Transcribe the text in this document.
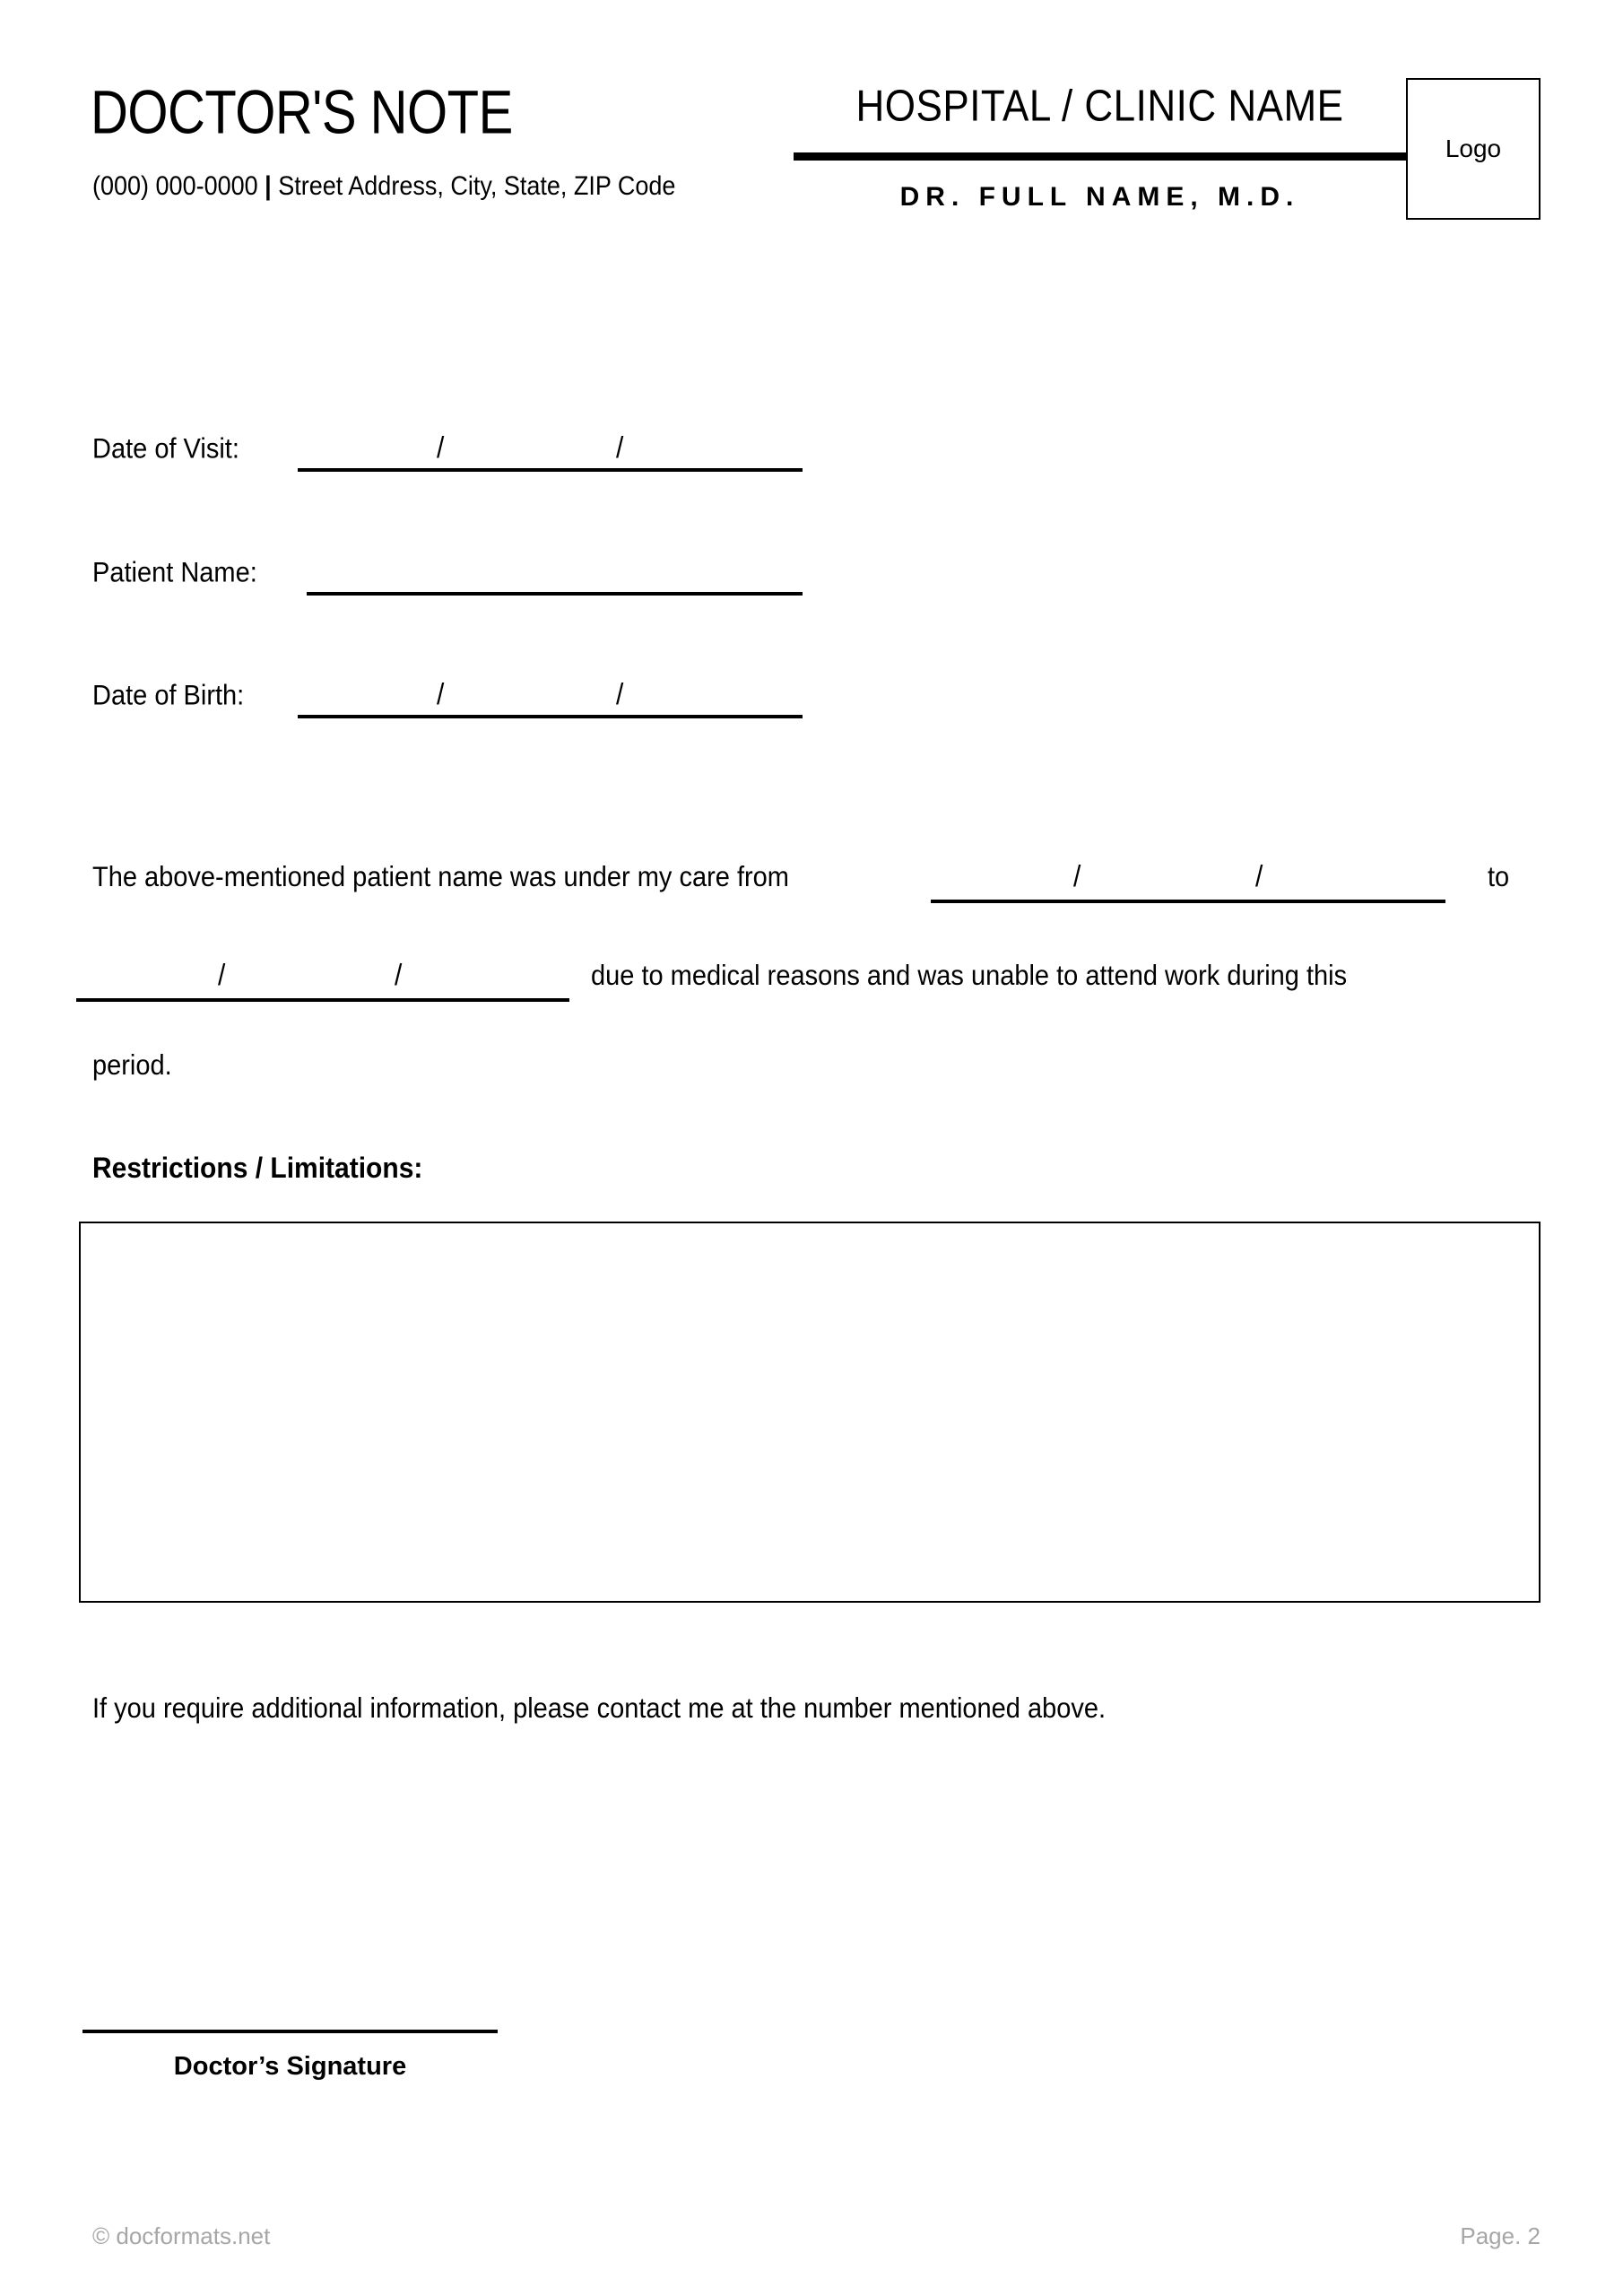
DOCTOR'S NOTE
(000) 000-0000 | Street Address, City, State, ZIP Code
HOSPITAL / CLINIC NAME
DR. FULL NAME, M.D.
Logo
Date of Visit:	/	/
Patient Name:
Date of Birth:	/	/
The above-mentioned patient name was under my care from	/	/	to
/	/	due to medical reasons and was unable to attend work during this
period.
Restrictions / Limitations:
If you require additional information, please contact me at the number mentioned above.
Doctor’s Signature
© docformats.net	Page. 2
